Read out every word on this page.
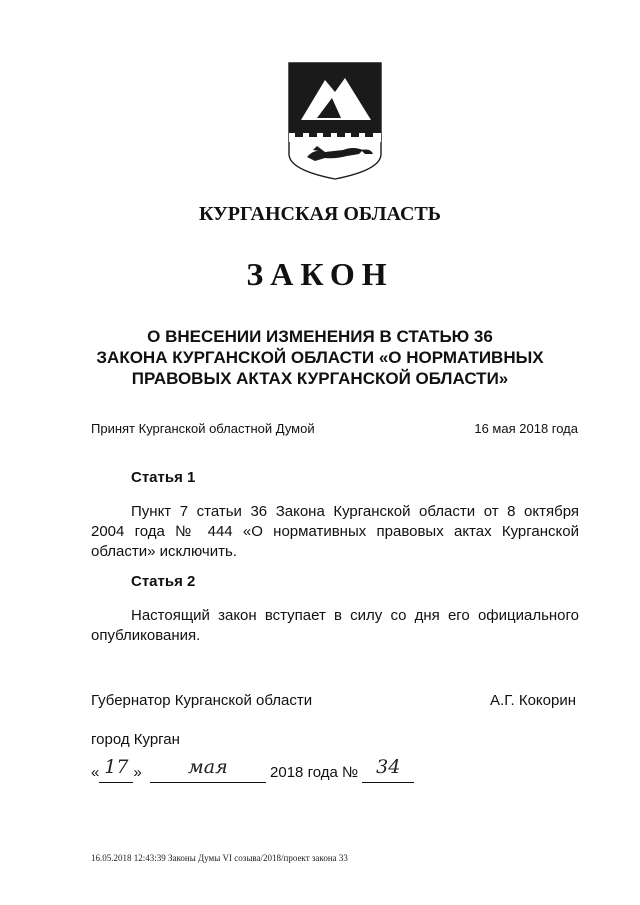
КУРГАНСКАЯ ОБЛАСТЬ
ЗАКОН
О ВНЕСЕНИИ ИЗМЕНЕНИЯ В СТАТЬЮ 36
ЗАКОНА КУРГАНСКОЙ ОБЛАСТИ «О НОРМАТИВНЫХ
ПРАВОВЫХ АКТАХ КУРГАНСКОЙ ОБЛАСТИ»
Принят Курганской областной Думой	16 мая 2018 года
Статья 1
Пункт 7 статьи 36 Закона Курганской области от 8 октября
2004 года № 444 «О нормативных правовых актах Курганской
области» исключить.
Статья 2
Настоящий закон вступает в силу со дня его официального
опубликования.
Губернатор Курганской области	А.Г. Кокорин
город Курган
« 17 » мая	2018 года № 34
16.05.2018 12:43:39 Законы Думы VI созыва/2018/проект закона 33
